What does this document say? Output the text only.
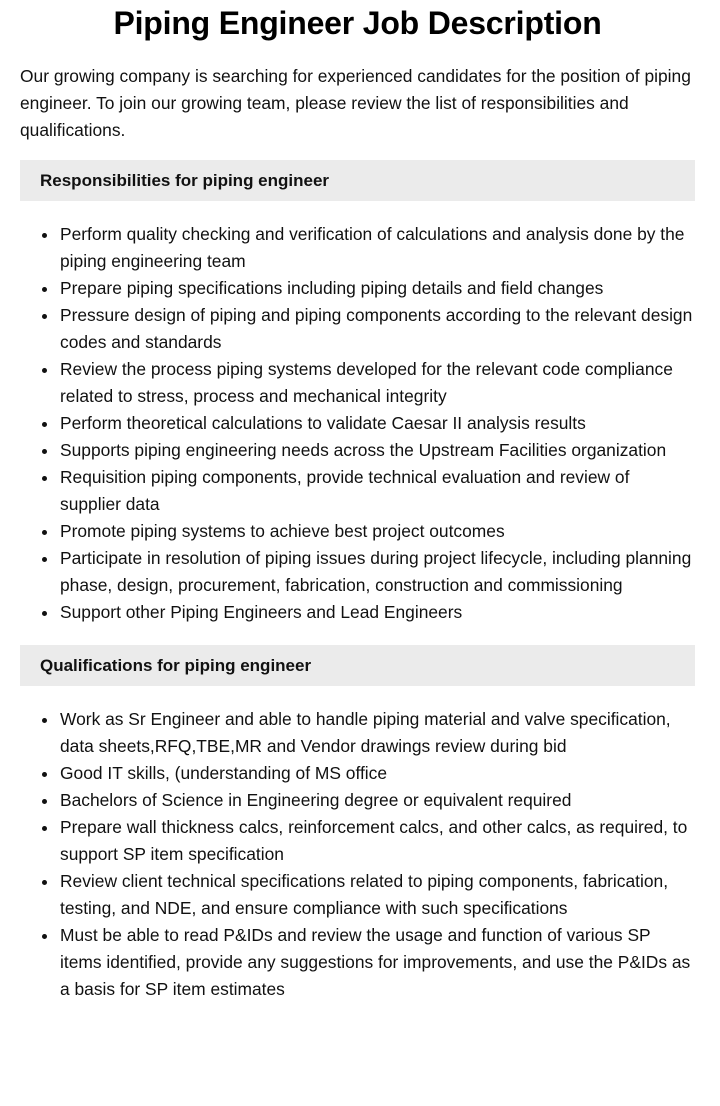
Piping Engineer Job Description

Our growing company is searching for experienced candidates for the position of piping engineer. To join our growing team, please review the list of responsibilities and qualifications.

Responsibilities for piping engineer
Perform quality checking and verification of calculations and analysis done by the piping engineering team
Prepare piping specifications including piping details and field changes
Pressure design of piping and piping components according to the relevant design codes and standards
Review the process piping systems developed for the relevant code compliance related to stress, process and mechanical integrity
Perform theoretical calculations to validate Caesar II analysis results
Supports piping engineering needs across the Upstream Facilities organization
Requisition piping components, provide technical evaluation and review of supplier data
Promote piping systems to achieve best project outcomes
Participate in resolution of piping issues during project lifecycle, including planning phase, design, procurement, fabrication, construction and commissioning
Support other Piping Engineers and Lead Engineers
Qualifications for piping engineer
Work as Sr Engineer and able to handle piping material and valve specification, data sheets,RFQ,TBE,MR and Vendor drawings review during bid
Good IT skills, (understanding of MS office
Bachelors of Science in Engineering degree or equivalent required
Prepare wall thickness calcs, reinforcement calcs, and other calcs, as required, to support SP item specification
Review client technical specifications related to piping components, fabrication, testing, and NDE, and ensure compliance with such specifications
Must be able to read P&IDs and review the usage and function of various SP items identified, provide any suggestions for improvements, and use the P&IDs as a basis for SP item estimates
